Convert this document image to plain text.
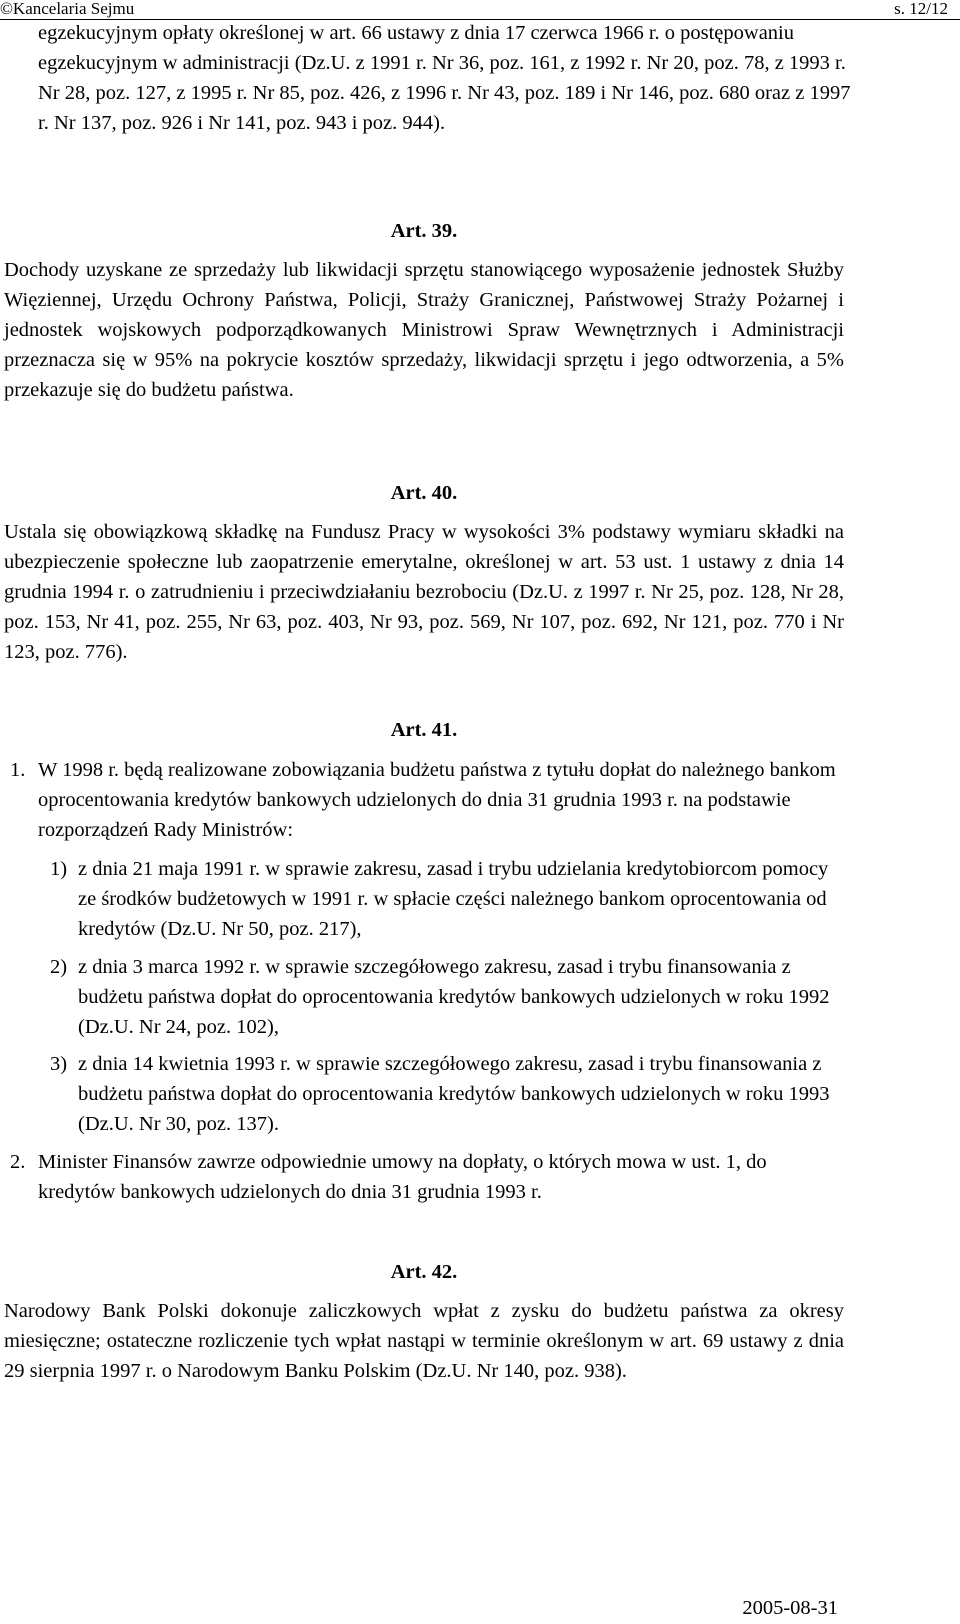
©Kancelaria Sejmu	s. 12/12

egzekucyjnym opłaty określonej w art. 66 ustawy z dnia 17 czerwca 1966 r. o postępowaniu egzekucyjnym w administracji (Dz.U. z 1991 r. Nr 36, poz. 161, z 1992 r. Nr 20, poz. 78, z 1993 r. Nr 28, poz. 127, z 1995 r. Nr 85, poz. 426, z 1996 r. Nr 43, poz. 189 i Nr 146, poz. 680 oraz z 1997 r. Nr 137, poz. 926 i Nr 141, poz. 943 i poz. 944).

Art. 39.

Dochody uzyskane ze sprzedaży lub likwidacji sprzętu stanowiącego wyposażenie jednostek Służby Więziennej, Urzędu Ochrony Państwa, Policji, Straży Granicznej, Państwowej Straży Pożarnej i jednostek wojskowych podporządkowanych Ministrowi Spraw Wewnętrznych i Administracji przeznacza się w 95% na pokrycie kosztów sprzedaży, likwidacji sprzętu i jego odtworzenia, a 5% przekazuje się do budżetu państwa.

Art. 40.

Ustala się obowiązkową składkę na Fundusz Pracy w wysokości 3% podstawy wymiaru składki na ubezpieczenie społeczne lub zaopatrzenie emerytalne, określonej w art. 53 ust. 1 ustawy z dnia 14 grudnia 1994 r. o zatrudnieniu i przeciwdziałaniu bezrobociu (Dz.U. z 1997 r. Nr 25, poz. 128, Nr 28, poz. 153, Nr 41, poz. 255, Nr 63, poz. 403, Nr 93, poz. 569, Nr 107, poz. 692, Nr 121, poz. 770 i Nr 123, poz. 776).

Art. 41.
1. W 1998 r. będą realizowane zobowiązania budżetu państwa z tytułu dopłat do należnego bankom oprocentowania kredytów bankowych udzielonych do dnia 31 grudnia 1993 r. na podstawie rozporządzeń Rady Ministrów:

1) z dnia 21 maja 1991 r. w sprawie zakresu, zasad i trybu udzielania kredytobiorcom pomocy ze środków budżetowych w 1991 r. w spłacie części należnego bankom oprocentowania od kredytów (Dz.U. Nr 50, poz. 217),

2) z dnia 3 marca 1992 r. w sprawie szczegółowego zakresu, zasad i trybu finansowania z budżetu państwa dopłat do oprocentowania kredytów bankowych udzielonych w roku 1992 (Dz.U. Nr 24, poz. 102),

3) z dnia 14 kwietnia 1993 r. w sprawie szczegółowego zakresu, zasad i trybu finansowania z budżetu państwa dopłat do oprocentowania kredytów bankowych udzielonych w roku 1993 (Dz.U. Nr 30, poz. 137).

2. Minister Finansów zawrze odpowiednie umowy na dopłaty, o których mowa w ust. 1, do kredytów bankowych udzielonych do dnia 31 grudnia 1993 r.

Art. 42.

Narodowy Bank Polski dokonuje zaliczkowych wpłat z zysku do budżetu państwa za okresy miesięczne; ostateczne rozliczenie tych wpłat nastąpi w terminie określonym w art. 69 ustawy z dnia 29 sierpnia 1997 r. o Narodowym Banku Polskim (Dz.U. Nr 140, poz. 938).

2005-08-31
